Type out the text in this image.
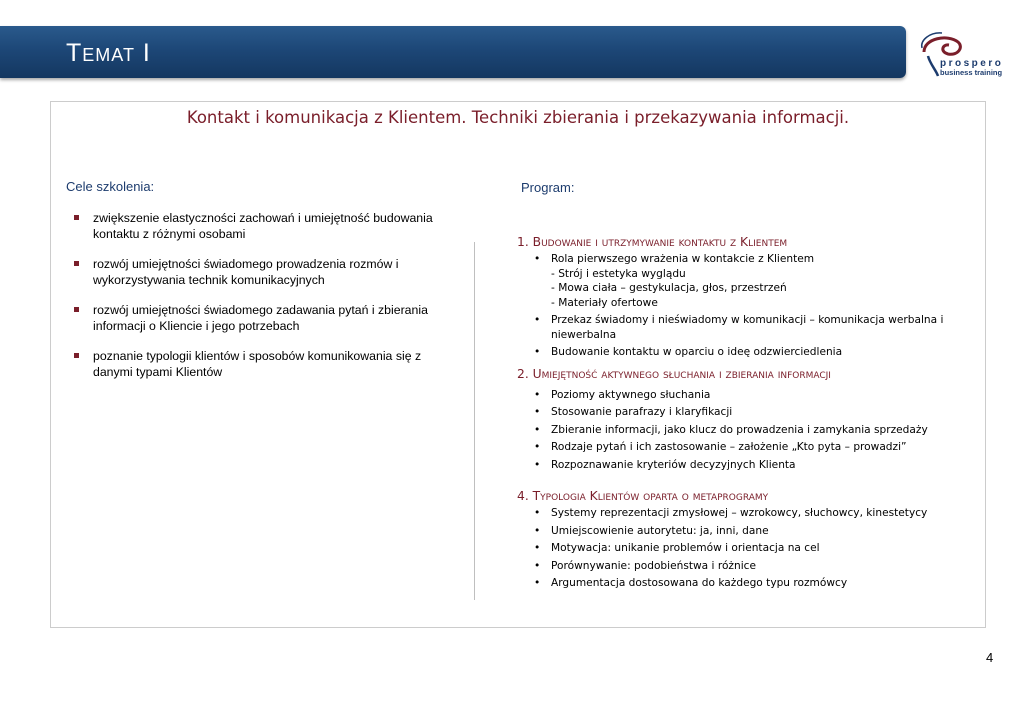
Temat I	prospero
business training
Kontakt i komunikacja z Klientem. Techniki zbierania i przekazywania informacji.
Cele szkolenia:
zwiększenie elastyczności zachowań i umiejętność budowania kontaktu z różnymi osobami
rozwój umiejętności świadomego prowadzenia rozmów i wykorzystywania technik komunikacyjnych
rozwój umiejętności świadomego zadawania pytań i zbierania informacji o Kliencie i jego potrzebach
poznanie typologii klientów i sposobów komunikowania się z danymi typami Klientów
Program:
1. Budowanie i utrzymywanie kontaktu z Klientem
• Rola pierwszego wrażenia w kontakcie z Klientem
- Strój i estetyka wyglądu
- Mowa ciała – gestykulacja, głos, przestrzeń
- Materiały ofertowe
• Przekaz świadomy i nieświadomy w komunikacji – komunikacja werbalna i niewerbalna
• Budowanie kontaktu w oparciu o ideę odzwierciedlenia
2. Umiejętność aktywnego słuchania i zbierania informacji
• Poziomy aktywnego słuchania
• Stosowanie parafrazy i klaryfikacji
• Zbieranie informacji, jako klucz do prowadzenia i zamykania sprzedaży
• Rodzaje pytań i ich zastosowanie – założenie „Kto pyta – prowadzi”
• Rozpoznawanie kryteriów decyzyjnych Klienta
4. Typologia Klientów oparta o metaprogramy
• Systemy reprezentacji zmysłowej – wzrokowcy, słuchowcy, kinestetycy
• Umiejscowienie autorytetu: ja, inni, dane
• Motywacja: unikanie problemów i orientacja na cel
• Porównywanie: podobieństwa i różnice
• Argumentacja dostosowana do każdego typu rozmówcy
4
